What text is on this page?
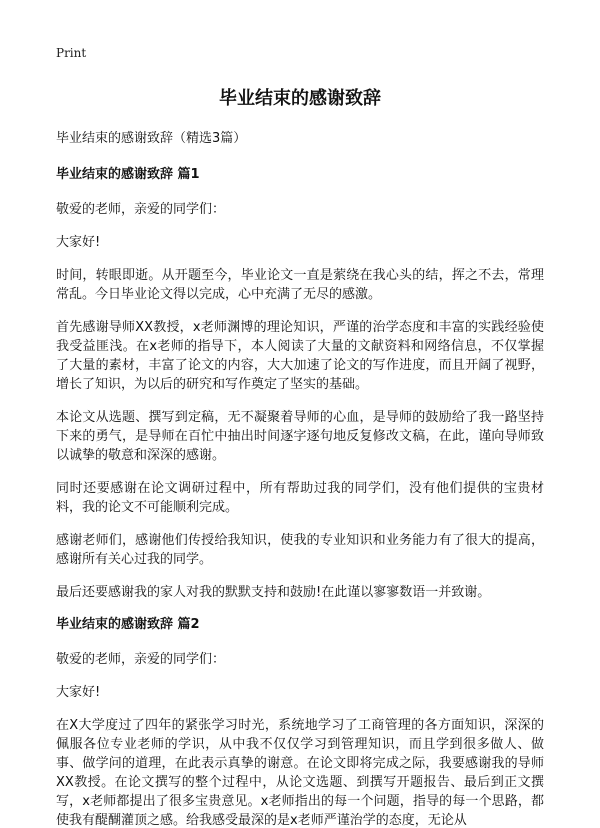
Print
毕业结束的感谢致辞

毕业结束的感谢致辞（精选3篇）

毕业结束的感谢致辞 篇1

敬爱的老师，亲爱的同学们：

大家好!

时间，转眼即逝。从开题至今，毕业论文一直是萦绕在我心头的结，挥之不去，常理常乱。今日毕业论文得以完成，心中充满了无尽的感激。

首先感谢导师XX教授，x老师渊博的理论知识，严谨的治学态度和丰富的实践经验使我受益匪浅。在x老师的指导下，本人阅读了大量的文献资料和网络信息，不仅掌握了大量的素材，丰富了论文的内容，大大加速了论文的写作进度，而且开阔了视野，增长了知识，为以后的研究和写作奠定了坚实的基础。

本论文从选题、撰写到定稿，无不凝聚着导师的心血，是导师的鼓励给了我一路坚持下来的勇气，是导师在百忙中抽出时间逐字逐句地反复修改文稿，在此，谨向导师致以诚挚的敬意和深深的感谢。

同时还要感谢在论文调研过程中，所有帮助过我的同学们，没有他们提供的宝贵材料，我的论文不可能顺利完成。

感谢老师们，感谢他们传授给我知识，使我的专业知识和业务能力有了很大的提高，感谢所有关心过我的同学。

最后还要感谢我的家人对我的默默支持和鼓励!在此谨以寥寥数语一并致谢。

毕业结束的感谢致辞 篇2

敬爱的老师，亲爱的同学们：

大家好!

在X大学度过了四年的紧张学习时光，系统地学习了工商管理的各方面知识，深深的佩服各位专业老师的学识，从中我不仅仅学习到管理知识，而且学到很多做人、做事、做学问的道理，在此表示真挚的谢意。在论文即将完成之际，我要感谢我的导师XX教授。在论文撰写的整个过程中，从论文选题、到撰写开题报告、最后到正文撰写，x老师都提出了很多宝贵意见。x老师指出的每一个问题，指导的每一个思路，都使我有醍醐灌顶之感。给我感受最深的是x老师严谨治学的态度，无论从
